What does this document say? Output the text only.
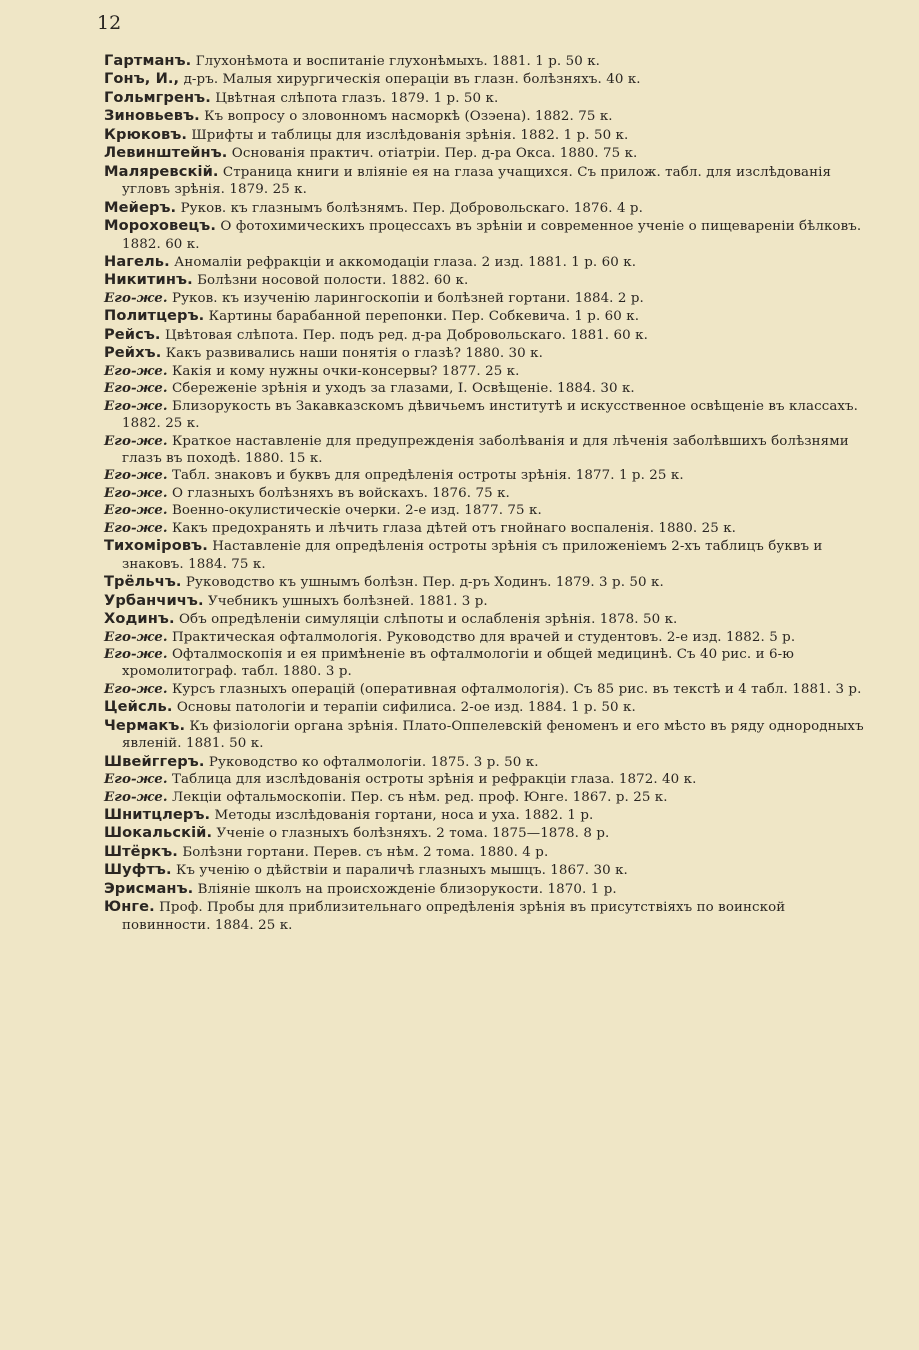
12

Гартманъ. Глухонѣмота и воспитаніе глухонѣмыхъ. 1881. 1 р. 50 к.

Гонъ, И., д-ръ. Малыя хирургическія операціи въ глазн. болѣзняхъ. 40 к.

Гольмгренъ. Цвѣтная слѣпота глазъ. 1879. 1 р. 50 к.

Зиновьевъ. Къ вопросу о зловонномъ насморкѣ (Озэена). 1882. 75 к.

Крюковъ. Шрифты и таблицы для изслѣдованія зрѣнія. 1882. 1 р. 50 к.

Левинштейнъ. Основанія практич. отіатріи. Пер. д-ра Окса. 1880. 75 к.

Маляревскій. Страница книги и вліяніе ея на глаза учащихся. Съ прилож. табл. для изслѣдованія угловъ зрѣнія. 1879. 25 к.

Мейеръ. Руков. къ глазнымъ болѣзнямъ. Пер. Добровольскаго. 1876. 4 р.

Мороховецъ. О фотохимическихъ процессахъ въ зрѣніи и современное ученіе о пищевареніи бѣлковъ. 1882. 60 к.

Нагель. Аномаліи рефракціи и аккомодаціи глаза. 2 изд. 1881. 1 р. 60 к.

Никитинъ. Болѣзни носовой полости. 1882. 60 к.

Его-же. Руков. къ изученію ларингоскопіи и болѣзней гортани. 1884. 2 р.

Политцеръ. Картины барабанной перепонки. Пер. Собкевича. 1 р. 60 к.

Рейсъ. Цвѣтовая слѣпота. Пер. подъ ред. д-ра Добровольскаго. 1881. 60 к.

Рейхъ. Какъ развивались наши понятія о глазѣ? 1880. 30 к.

Его-же. Какія и кому нужны очки-консервы? 1877. 25 к.

Его-же. Сбереженіе зрѣнія и уходъ за глазами, I. Освѣщеніе. 1884. 30 к.

Его-же. Близорукость въ Закавказскомъ дѣвичьемъ институтѣ и искусственное освѣщеніе въ классахъ. 1882. 25 к.

Его-же. Краткое наставленіе для предупрежденія заболѣванія и для лѣченія заболѣвшихъ болѣзнями глазъ въ походѣ. 1880. 15 к.

Его-же. Табл. знаковъ и буквъ для опредѣленія остроты зрѣнія. 1877. 1 р. 25 к.

Его-же. О глазныхъ болѣзняхъ въ войскахъ. 1876. 75 к.

Его-же. Военно-окулистическіе очерки. 2-е изд. 1877. 75 к.

Его-же. Какъ предохранять и лѣчить глаза дѣтей отъ гнойнаго воспаленія. 1880. 25 к.

Тихоміровъ. Наставленіе для опредѣленія остроты зрѣнія съ приложеніемъ 2-хъ таблицъ буквъ и знаковъ. 1884. 75 к.

Трёльчъ. Руководство къ ушнымъ болѣзн. Пер. д-ръ Ходинъ. 1879. 3 р. 50 к.

Урбанчичъ. Учебникъ ушныхъ болѣзней. 1881. 3 р.

Ходинъ. Объ опредѣленіи симуляціи слѣпоты и ослабленія зрѣнія. 1878. 50 к.

Его-же. Практическая офталмологія. Руководство для врачей и студентовъ. 2-е изд. 1882. 5 р.

Его-же. Офталмоскопія и ея примѣненіе въ офталмологіи и общей медицинѣ. Съ 40 рис. и 6-ю хромолитограф. табл. 1880. 3 р.

Его-же. Курсъ глазныхъ операцій (оперативная офталмологія). Съ 85 рис. въ текстѣ и 4 табл. 1881. 3 р.

Цейсль. Основы патологіи и терапіи сифилиса. 2-ое изд. 1884. 1 р. 50 к.

Чермакъ. Къ физіологіи органа зрѣнія. Плато-Оппелевскій феноменъ и его мѣсто въ ряду однородныхъ явленій. 1881. 50 к.

Швейггеръ. Руководство ко офталмологіи. 1875. 3 р. 50 к.

Его-же. Таблица для изслѣдованія остроты зрѣнія и рефракціи глаза. 1872. 40 к.

Его-же. Лекціи офтальмоскопіи. Пер. съ нѣм. ред. проф. Юнге. 1867. р. 25 к.

Шнитцлеръ. Методы изслѣдованія гортани, носа и уха. 1882. 1 р.

Шокальскій. Ученіе о глазныхъ болѣзняхъ. 2 тома. 1875—1878. 8 р.

Штёркъ. Болѣзни гортани. Перев. съ нѣм. 2 тома. 1880. 4 р.

Шуфтъ. Къ ученію о дѣйствіи и параличѣ глазныхъ мышцъ. 1867. 30 к.

Эрисманъ. Вліяніе школъ на происхожденіе близорукости. 1870. 1 р.

Юнге. Проф. Пробы для приблизительнаго опредѣленія зрѣнія въ присутствіяхъ по воинской повинности. 1884. 25 к.
